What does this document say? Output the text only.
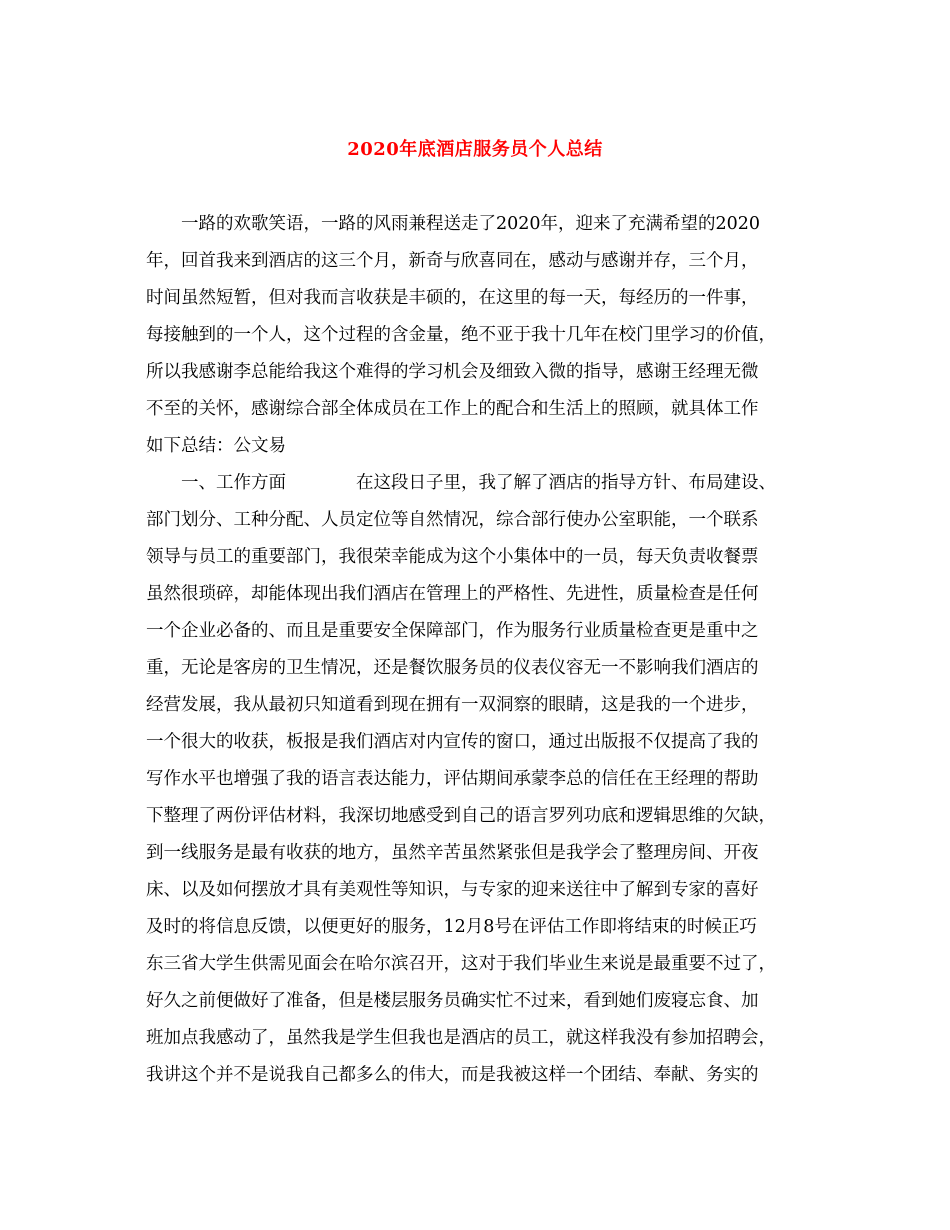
2020年底酒店服务员个人总结
一路的欢歌笑语，一路的风雨兼程送走了2020年，迎来了充满希望的2020
年，回首我来到酒店的这三个月，新奇与欣喜同在，感动与感谢并存，三个月，
时间虽然短暂，但对我而言收获是丰硕的，在这里的每一天，每经历的一件事，
每接触到的一个人，这个过程的含金量，绝不亚于我十几年在校门里学习的价值，
所以我感谢李总能给我这个难得的学习机会及细致入微的指导，感谢王经理无微
不至的关怀，感谢综合部全体成员在工作上的配合和生活上的照顾，就具体工作
如下总结：公文易
一、工作方面　　　　在这段日子里，我了解了酒店的指导方针、布局建设、
部门划分、工种分配、人员定位等自然情况，综合部行使办公室职能，一个联系
领导与员工的重要部门，我很荣幸能成为这个小集体中的一员，每天负责收餐票
虽然很琐碎，却能体现出我们酒店在管理上的严格性、先进性，质量检查是任何
一个企业必备的、而且是重要安全保障部门，作为服务行业质量检查更是重中之
重，无论是客房的卫生情况，还是餐饮服务员的仪表仪容无一不影响我们酒店的
经营发展，我从最初只知道看到现在拥有一双洞察的眼睛，这是我的一个进步，
一个很大的收获，板报是我们酒店对内宣传的窗口，通过出版报不仅提高了我的
写作水平也增强了我的语言表达能力，评估期间承蒙李总的信任在王经理的帮助
下整理了两份评估材料，我深切地感受到自己的语言罗列功底和逻辑思维的欠缺，
到一线服务是最有收获的地方，虽然辛苦虽然紧张但是我学会了整理房间、开夜
床、以及如何摆放才具有美观性等知识，与专家的迎来送往中了解到专家的喜好
及时的将信息反馈，以便更好的服务，12月8号在评估工作即将结束的时候正巧
东三省大学生供需见面会在哈尔滨召开，这对于我们毕业生来说是最重要不过了，
好久之前便做好了准备，但是楼层服务员确实忙不过来，看到她们废寝忘食、加
班加点我感动了，虽然我是学生但我也是酒店的员工，就这样我没有参加招聘会，
我讲这个并不是说我自己都多么的伟大，而是我被这样一个团结、奉献、务实的
